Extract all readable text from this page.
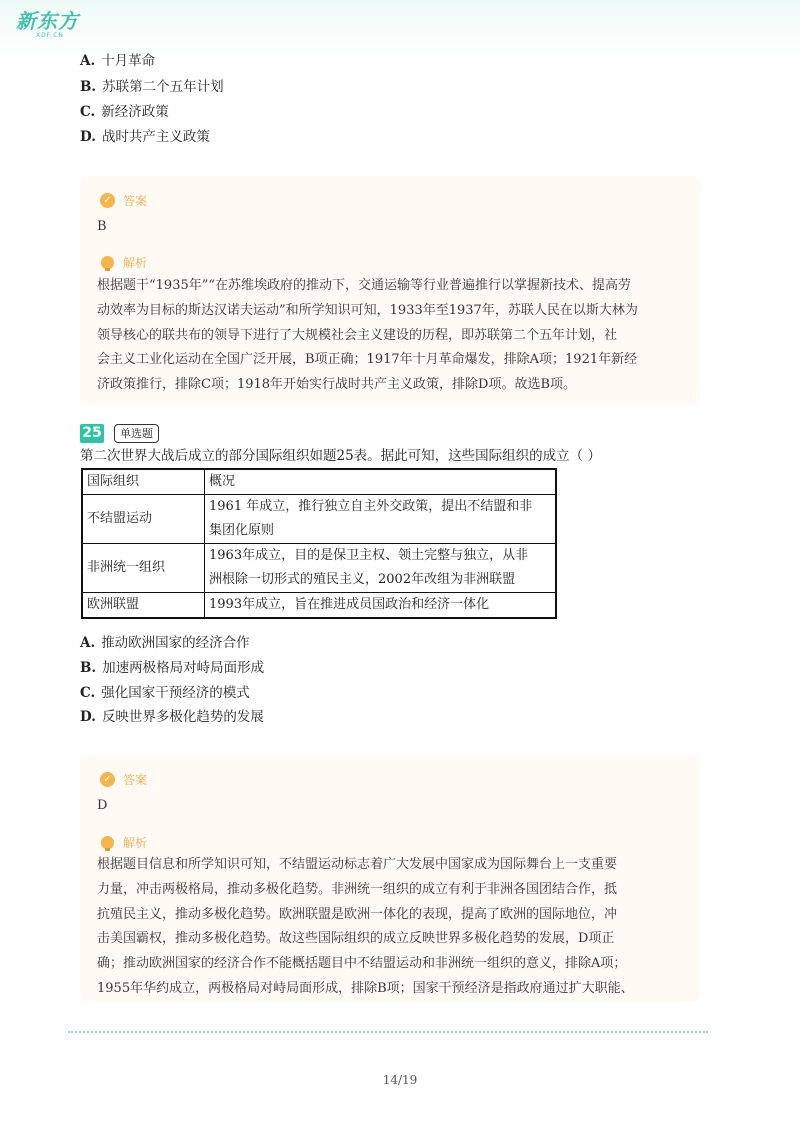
新东方
XDF.CN
A. 十月革命
B. 苏联第二个五年计划
C. 新经济政策
D. 战时共产主义政策
✓ 答案
B
解析
根据题干“1935年”“在苏维埃政府的推动下，交通运输等行业普遍推行以掌握新技术、提高劳
动效率为目标的斯达汉诺夫运动”和所学知识可知，1933年至1937年，苏联人民在以斯大林为
领导核心的联共布的领导下进行了大规模社会主义建设的历程，即苏联第二个五年计划，社
会主义工业化运动在全国广泛开展，B项正确；1917年十月革命爆发，排除A项；1921年新经
济政策推行，排除C项；1918年开始实行战时共产主义政策，排除D项。故选B项。
25	单选题
第二次世界大战后成立的部分国际组织如题25表。据此可知，这些国际组织的成立（ ）
国际组织	概况
不结盟运动	1961 年成立，推行独立自主外交政策，提出不结盟和非
集团化原则

非洲统一组织	1963年成立，目的是保卫主权、领土完整与独立，从非
洲根除一切形式的殖民主义，2002年改组为非洲联盟

欧洲联盟	1993年成立，旨在推进成员国政治和经济一体化
A. 推动欧洲国家的经济合作
B. 加速两极格局对峙局面形成
C. 强化国家干预经济的模式
D. 反映世界多极化趋势的发展
✓ 答案
D
解析
根据题目信息和所学知识可知，不结盟运动标志着广大发展中国家成为国际舞台上一支重要
力量，冲击两极格局，推动多极化趋势。非洲统一组织的成立有利于非洲各国团结合作，抵
抗殖民主义，推动多极化趋势。欧洲联盟是欧洲一体化的表现，提高了欧洲的国际地位，冲
击美国霸权，推动多极化趋势。故这些国际组织的成立反映世界多极化趋势的发展，D项正
确；推动欧洲国家的经济合作不能概括题目中不结盟运动和非洲统一组织的意义，排除A项；
1955年华约成立，两极格局对峙局面形成，排除B项；国家干预经济是指政府通过扩大职能、
14/19
